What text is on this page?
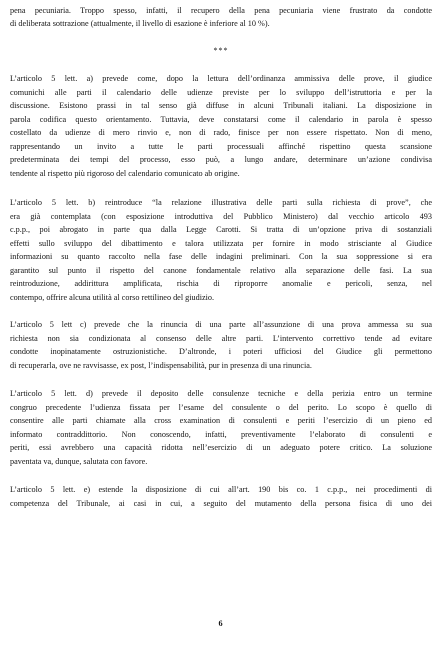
pena pecuniaria. Troppo spesso, infatti, il recupero della pena pecuniaria viene frustrato da condotte
di deliberata sottrazione (attualmente, il livello di esazione è inferiore al 10 %).
***
L’articolo 5 lett. a) prevede come, dopo la lettura dell’ordinanza ammissiva delle prove, il giudice
comunichi alle parti il calendario delle udienze previste per lo sviluppo dell’istruttoria e per la
discussione. Esistono prassi in tal senso già diffuse in alcuni Tribunali italiani. La disposizione in
parola codifica questo orientamento. Tuttavia, deve constatarsi come il calendario in parola è spesso
costellato da udienze di mero rinvio e, non di rado, finisce per non essere rispettato. Non di meno,
rappresentando un invito a tutte le parti processuali affinché rispettino questa scansione
predeterminata dei tempi del processo, esso può, a lungo andare, determinare un’azione condivisa
tendente al rispetto più rigoroso del calendario comunicato ab origine.
L’articolo 5 lett. b) reintroduce “la relazione illustrativa delle parti sulla richiesta di prove”, che
era già contemplata (con esposizione introduttiva del Pubblico Ministero) dal vecchio articolo 493
c.p.p., poi abrogato in parte qua dalla Legge Carotti. Si tratta di un’opzione priva di sostanziali
effetti sullo sviluppo del dibattimento e talora utilizzata per fornire in modo strisciante al Giudice
informazioni su quanto raccolto nella fase delle indagini preliminari. Con la sua soppressione si era
garantito sul punto il rispetto del canone fondamentale relativo alla separazione delle fasi. La sua
reintroduzione, addirittura amplificata, rischia di riproporre anomalie e pericoli, senza, nel
contempo, offrire alcuna utilità al corso rettilineo del giudizio.
L’articolo 5 lett c) prevede che la rinuncia di una parte all’assunzione di una prova ammessa su sua
richiesta non sia condizionata al consenso delle altre parti. L’intervento correttivo tende ad evitare
condotte inopinatamente ostruzionistiche. D’altronde, i poteri ufficiosi del Giudice gli permettono
di recuperarla, ove ne ravvisasse, ex post, l’indispensabilità, pur in presenza di una rinuncia.
L’articolo 5 lett. d) prevede il deposito delle consulenze tecniche e della perizia entro un termine
congruo precedente l’udienza fissata per l’esame del consulente o del perito. Lo scopo è quello di
consentire alle parti chiamate alla cross examination di consulenti e periti l’esercizio di un pieno ed
informato contraddittorio. Non conoscendo, infatti, preventivamente l’elaborato di consulenti e
periti, essi avrebbero una capacità ridotta nell’esercizio di un adeguato potere critico. La soluzione
paventata va, dunque, salutata con favore.
L’articolo 5 lett. e) estende la disposizione di cui all’art. 190 bis co. 1 c.p.p., nei procedimenti di
competenza del Tribunale, ai casi in cui, a seguito del mutamento della persona fisica di uno dei
6
